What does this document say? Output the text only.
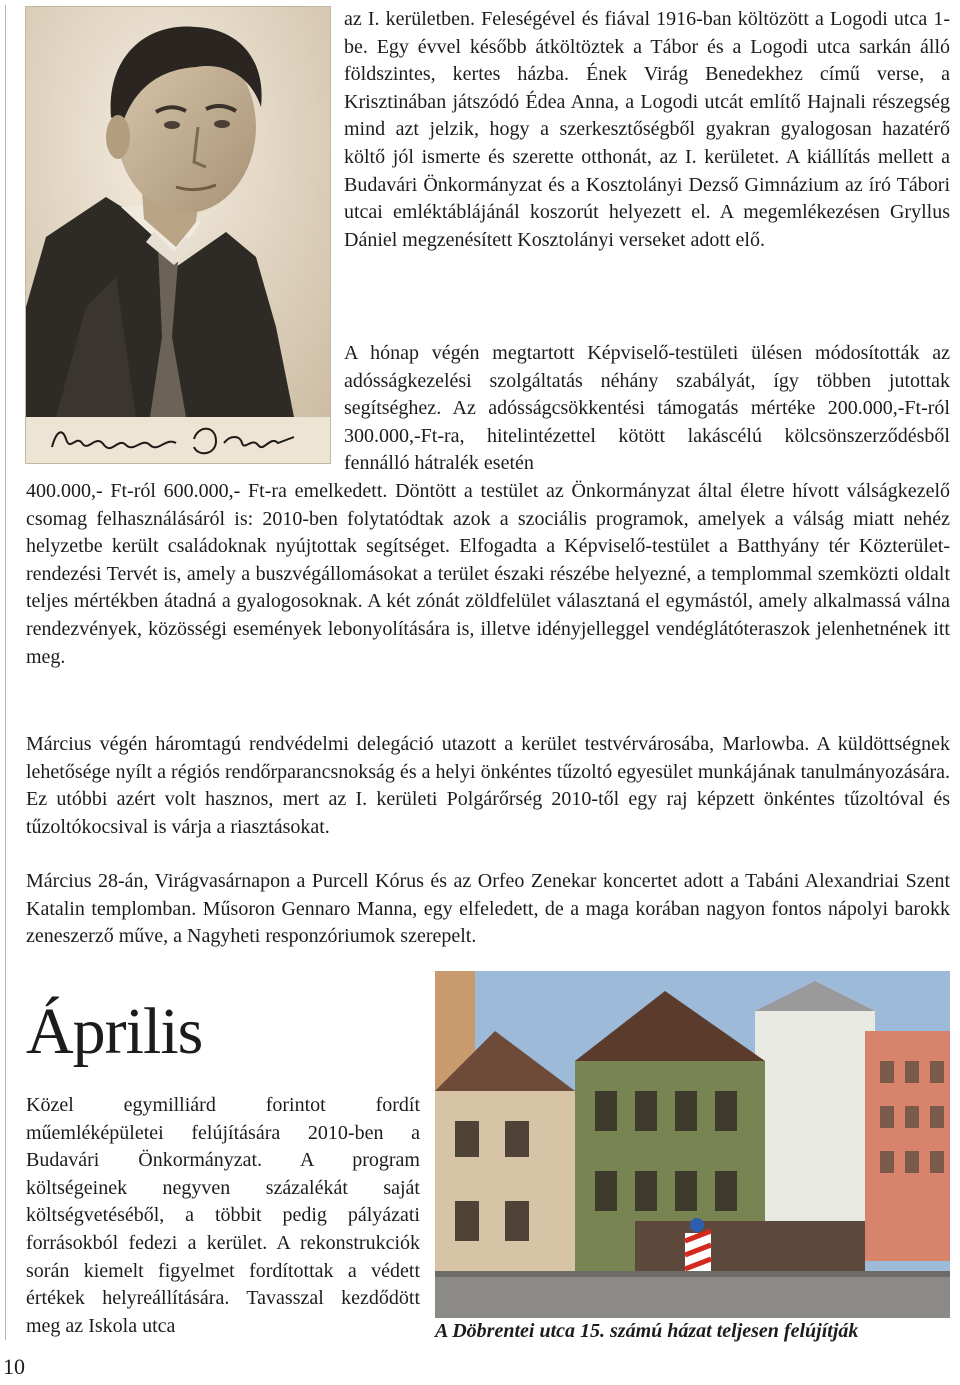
az I. kerületben. Feleségével és fiával 1916-ban költözött a Logodi utca 1-be. Egy évvel később átköltöztek a Tábor és a Logodi utca sarkán álló földszintes, kertes házba. Ének Virág Benedekhez című verse, a Krisztinában játszódó Édea Anna, a Logodi utcát említő Hajnali részegség mind azt jelzik, hogy a szerkesztőségből gyakran gyalogosan hazatérő költő jól ismerte és szerette otthonát, az I. kerületet. A kiállítás mellett a Budavári Önkormányzat és a Kosztolányi Dezső Gimnázium az író Tábori utcai emléktáblájánál koszorút helyezett el. A megemlékezésen Gryllus Dániel megzenésített Kosztolányi verseket adott elő.

A hónap végén megtartott Képviselő-testületi ülésen módosították az adósságkezelési szolgáltatás néhány szabályát, így többen jutottak segítséghez. Az adósságcsökkentési támogatás mértéke 200.000,-Ft-ról 300.000,-Ft-ra, hitelintézettel kötött lakáscélú kölcsönszerződésből fennálló hátralék esetén

400.000,- Ft-ról 600.000,- Ft-ra emelkedett. Döntött a testület az Önkormányzat által életre hívott válságkezelő csomag felhasználásáról is: 2010-ben folytatódtak azok a szociális programok, amelyek a válság miatt nehéz helyzetbe került családoknak nyújtottak segítséget. Elfogadta a Képviselő-testület a Batthyány tér Közterület-rendezési Tervét is, amely a buszvégállomásokat a terület északi részébe helyezné, a templommal szemközti oldalt teljes mértékben átadná a gyalogosoknak. A két zónát zöldfelület választaná el egymástól, amely alkalmassá válna rendezvények, közösségi események lebonyolítására is, illetve idényjelleggel vendéglátóteraszok jelenhetnének itt meg.

Március végén háromtagú rendvédelmi delegáció utazott a kerület testvérvárosába, Marlowba. A küldöttségnek lehetősége nyílt a régiós rendőrparancsnokság és a helyi önkéntes tűzoltó egyesület munkájának tanulmányozására. Ez utóbbi azért volt hasznos, mert az I. kerületi Polgárőrség 2010-től egy raj képzett önkéntes tűzoltóval és tűzoltókocsival is várja a riasztásokat.

Március 28-án, Virágvasárnapon a Purcell Kórus és az Orfeo Zenekar koncertet adott a Tabáni Alexandriai Szent Katalin templomban. Műsoron Gennaro Manna, egy elfeledett, de a maga korában nagyon fontos nápolyi barokk zeneszerző műve, a Nagyheti responzóriumok szerepelt.

Április

Közel egymilliárd forintot fordít műemléképületei felújítására 2010-ben a Budavári Önkormányzat. A program költségeinek negyven százalékát saját költségvetéséből, a többit pedig pályázati forrásokból fedezi a kerület. A rekonstrukciók során kiemelt figyelmet fordítottak a védett értékek helyreállítására. Tavasszal kezdődött meg az Iskola utca	A Döbrentei utca 15. számú házat teljesen felújítják

10
